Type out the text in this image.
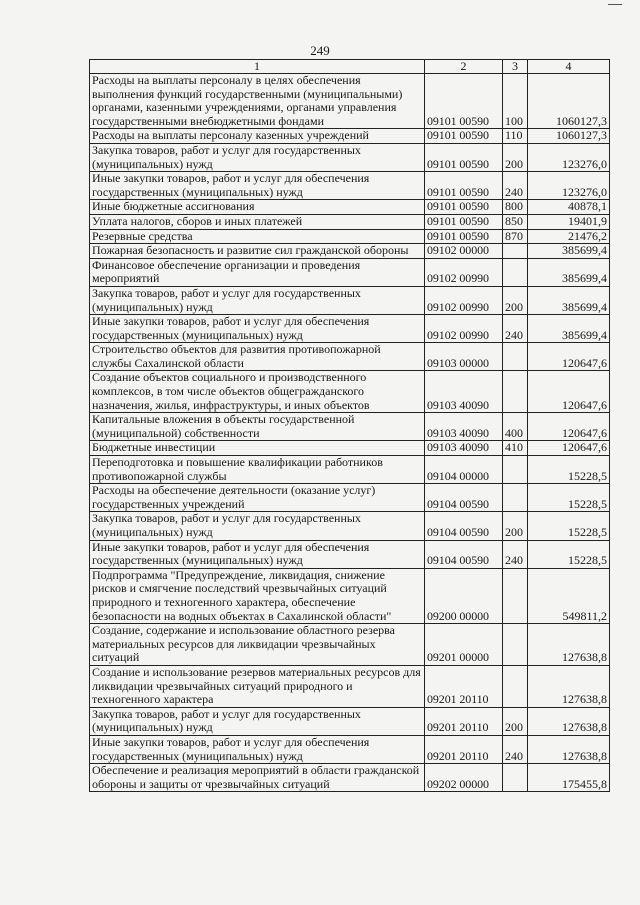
249
1	2	3	4
Расходы на выплаты персоналу в целях обеспечения выполнения функций государственными (муниципальными) органами, казенными учреждениями, органами управления государственными внебюджетными фондами	09101 00590	100	1060127,3
Расходы на выплаты персоналу казенных учреждений	09101 00590	110	1060127,3
Закупка товаров, работ и услуг для государственных (муниципальных) нужд	09101 00590	200	123276,0
Иные закупки товаров, работ и услуг для обеспечения государственных (муниципальных) нужд	09101 00590	240	123276,0
Иные бюджетные ассигнования	09101 00590	800	40878,1
Уплата налогов, сборов и иных платежей	09101 00590	850	19401,9
Резервные средства	09101 00590	870	21476,2
Пожарная безопасность и развитие сил гражданской обороны	09102 00000		385699,4
Финансовое обеспечение организации и проведения мероприятий	09102 00990		385699,4
Закупка товаров, работ и услуг для государственных (муниципальных) нужд	09102 00990	200	385699,4
Иные закупки товаров, работ и услуг для обеспечения государственных (муниципальных) нужд	09102 00990	240	385699,4
Строительство объектов для развития противопожарной службы Сахалинской области	09103 00000		120647,6
Создание объектов социального и производственного комплексов, в том числе объектов общегражданского назначения, жилья, инфраструктуры, и иных объектов	09103 40090		120647,6
Капитальные вложения в объекты государственной (муниципальной) собственности	09103 40090	400	120647,6
Бюджетные инвестиции	09103 40090	410	120647,6
Переподготовка и повышение квалификации работников противопожарной службы	09104 00000		15228,5
Расходы на обеспечение деятельности (оказание услуг) государственных учреждений	09104 00590		15228,5
Закупка товаров, работ и услуг для государственных (муниципальных) нужд	09104 00590	200	15228,5
Иные закупки товаров, работ и услуг для обеспечения государственных (муниципальных) нужд	09104 00590	240	15228,5
Подпрограмма "Предупреждение, ликвидация, снижение рисков и смягчение последствий чрезвычайных ситуаций природного и техногенного характера, обеспечение безопасности на водных объектах в Сахалинской области"	09200 00000		549811,2
Создание, содержание и использование областного резерва материальных ресурсов для ликвидации чрезвычайных ситуаций	09201 00000		127638,8
Создание и использование резервов материальных ресурсов для ликвидации чрезвычайных ситуаций природного и техногенного характера	09201 20110		127638,8
Закупка товаров, работ и услуг для государственных (муниципальных) нужд	09201 20110	200	127638,8
Иные закупки товаров, работ и услуг для обеспечения государственных (муниципальных) нужд	09201 20110	240	127638,8
Обеспечение и реализация мероприятий в области гражданской обороны и защиты от чрезвычайных ситуаций	09202 00000		175455,8
